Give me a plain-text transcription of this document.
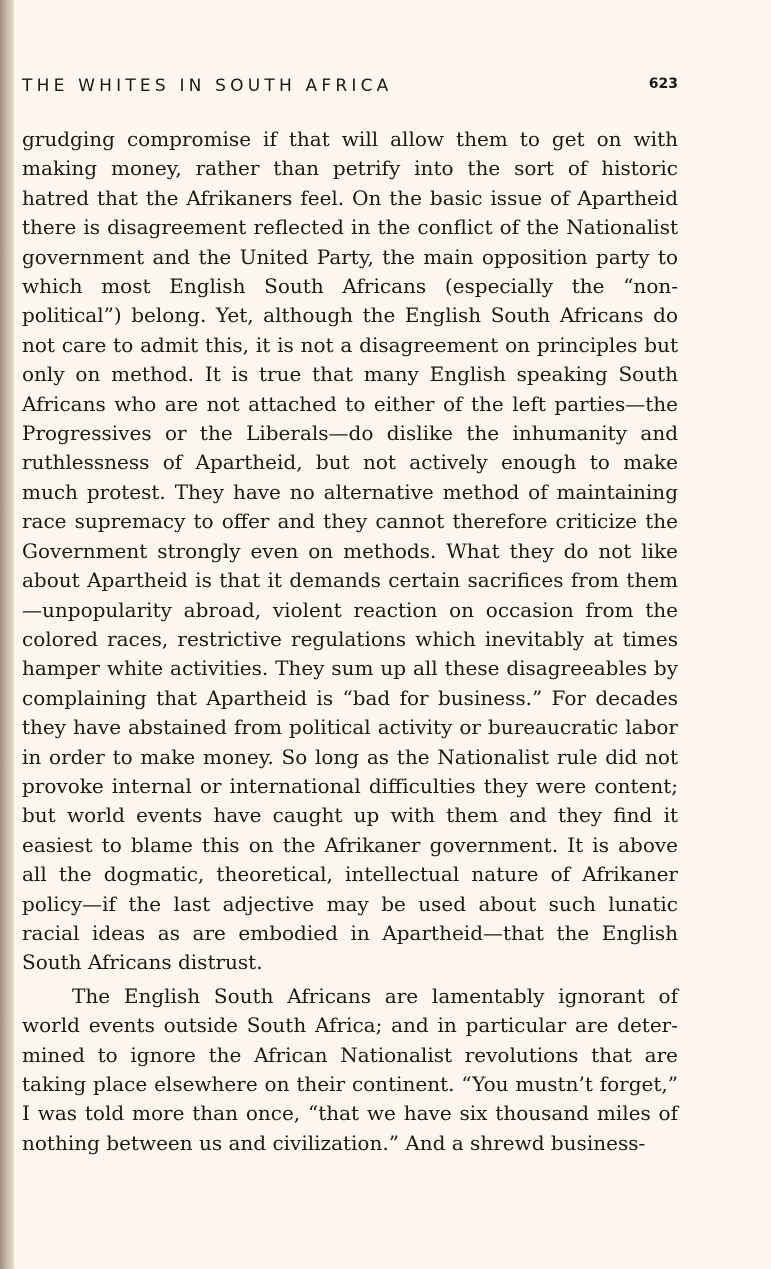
THE WHITES IN SOUTH AFRICA	623

grudging compromise if that will allow them to get on with making money, rather than petrify into the sort of historic hatred that the Afrikaners feel. On the basic issue of Apartheid there is disagreement reflected in the conflict of the Nationalist government and the United Party, the main opposition party to which most English South Africans (especially the “non-political”) belong. Yet, although the English South Africans do not care to admit this, it is not a disagreement on principles but only on method. It is true that many English speaking South Africans who are not attached to either of the left parties—the Progressives or the Liberals—do dislike the inhumanity and ruthlessness of Apartheid, but not actively enough to make much protest. They have no alternative method of maintaining race supremacy to offer and they cannot therefore criticize the Government strongly even on methods. What they do not like about Apartheid is that it demands certain sacrifices from them—unpopularity abroad, violent reaction on occasion from the colored races, restrictive regulations which inevitably at times hamper white activities. They sum up all these disagreeables by complaining that Apartheid is “bad for business.” For decades they have abstained from political activity or bureaucratic labor in order to make money. So long as the Nationalist rule did not provoke internal or international difficulties they were content; but world events have caught up with them and they find it easiest to blame this on the Afrikaner government. It is above all the dogmatic, theoretical, intellectual nature of Afrikaner policy—if the last adjective may be used about such lunatic racial ideas as are embodied in Apartheid—that the English South Africans distrust.

The English South Africans are lamentably ignorant of world events outside South Africa; and in particular are determined to ignore the African Nationalist revolutions that are taking place elsewhere on their continent. “You mustn’t forget,” I was told more than once, “that we have six thousand miles of nothing between us and civilization.” And a shrewd business-
